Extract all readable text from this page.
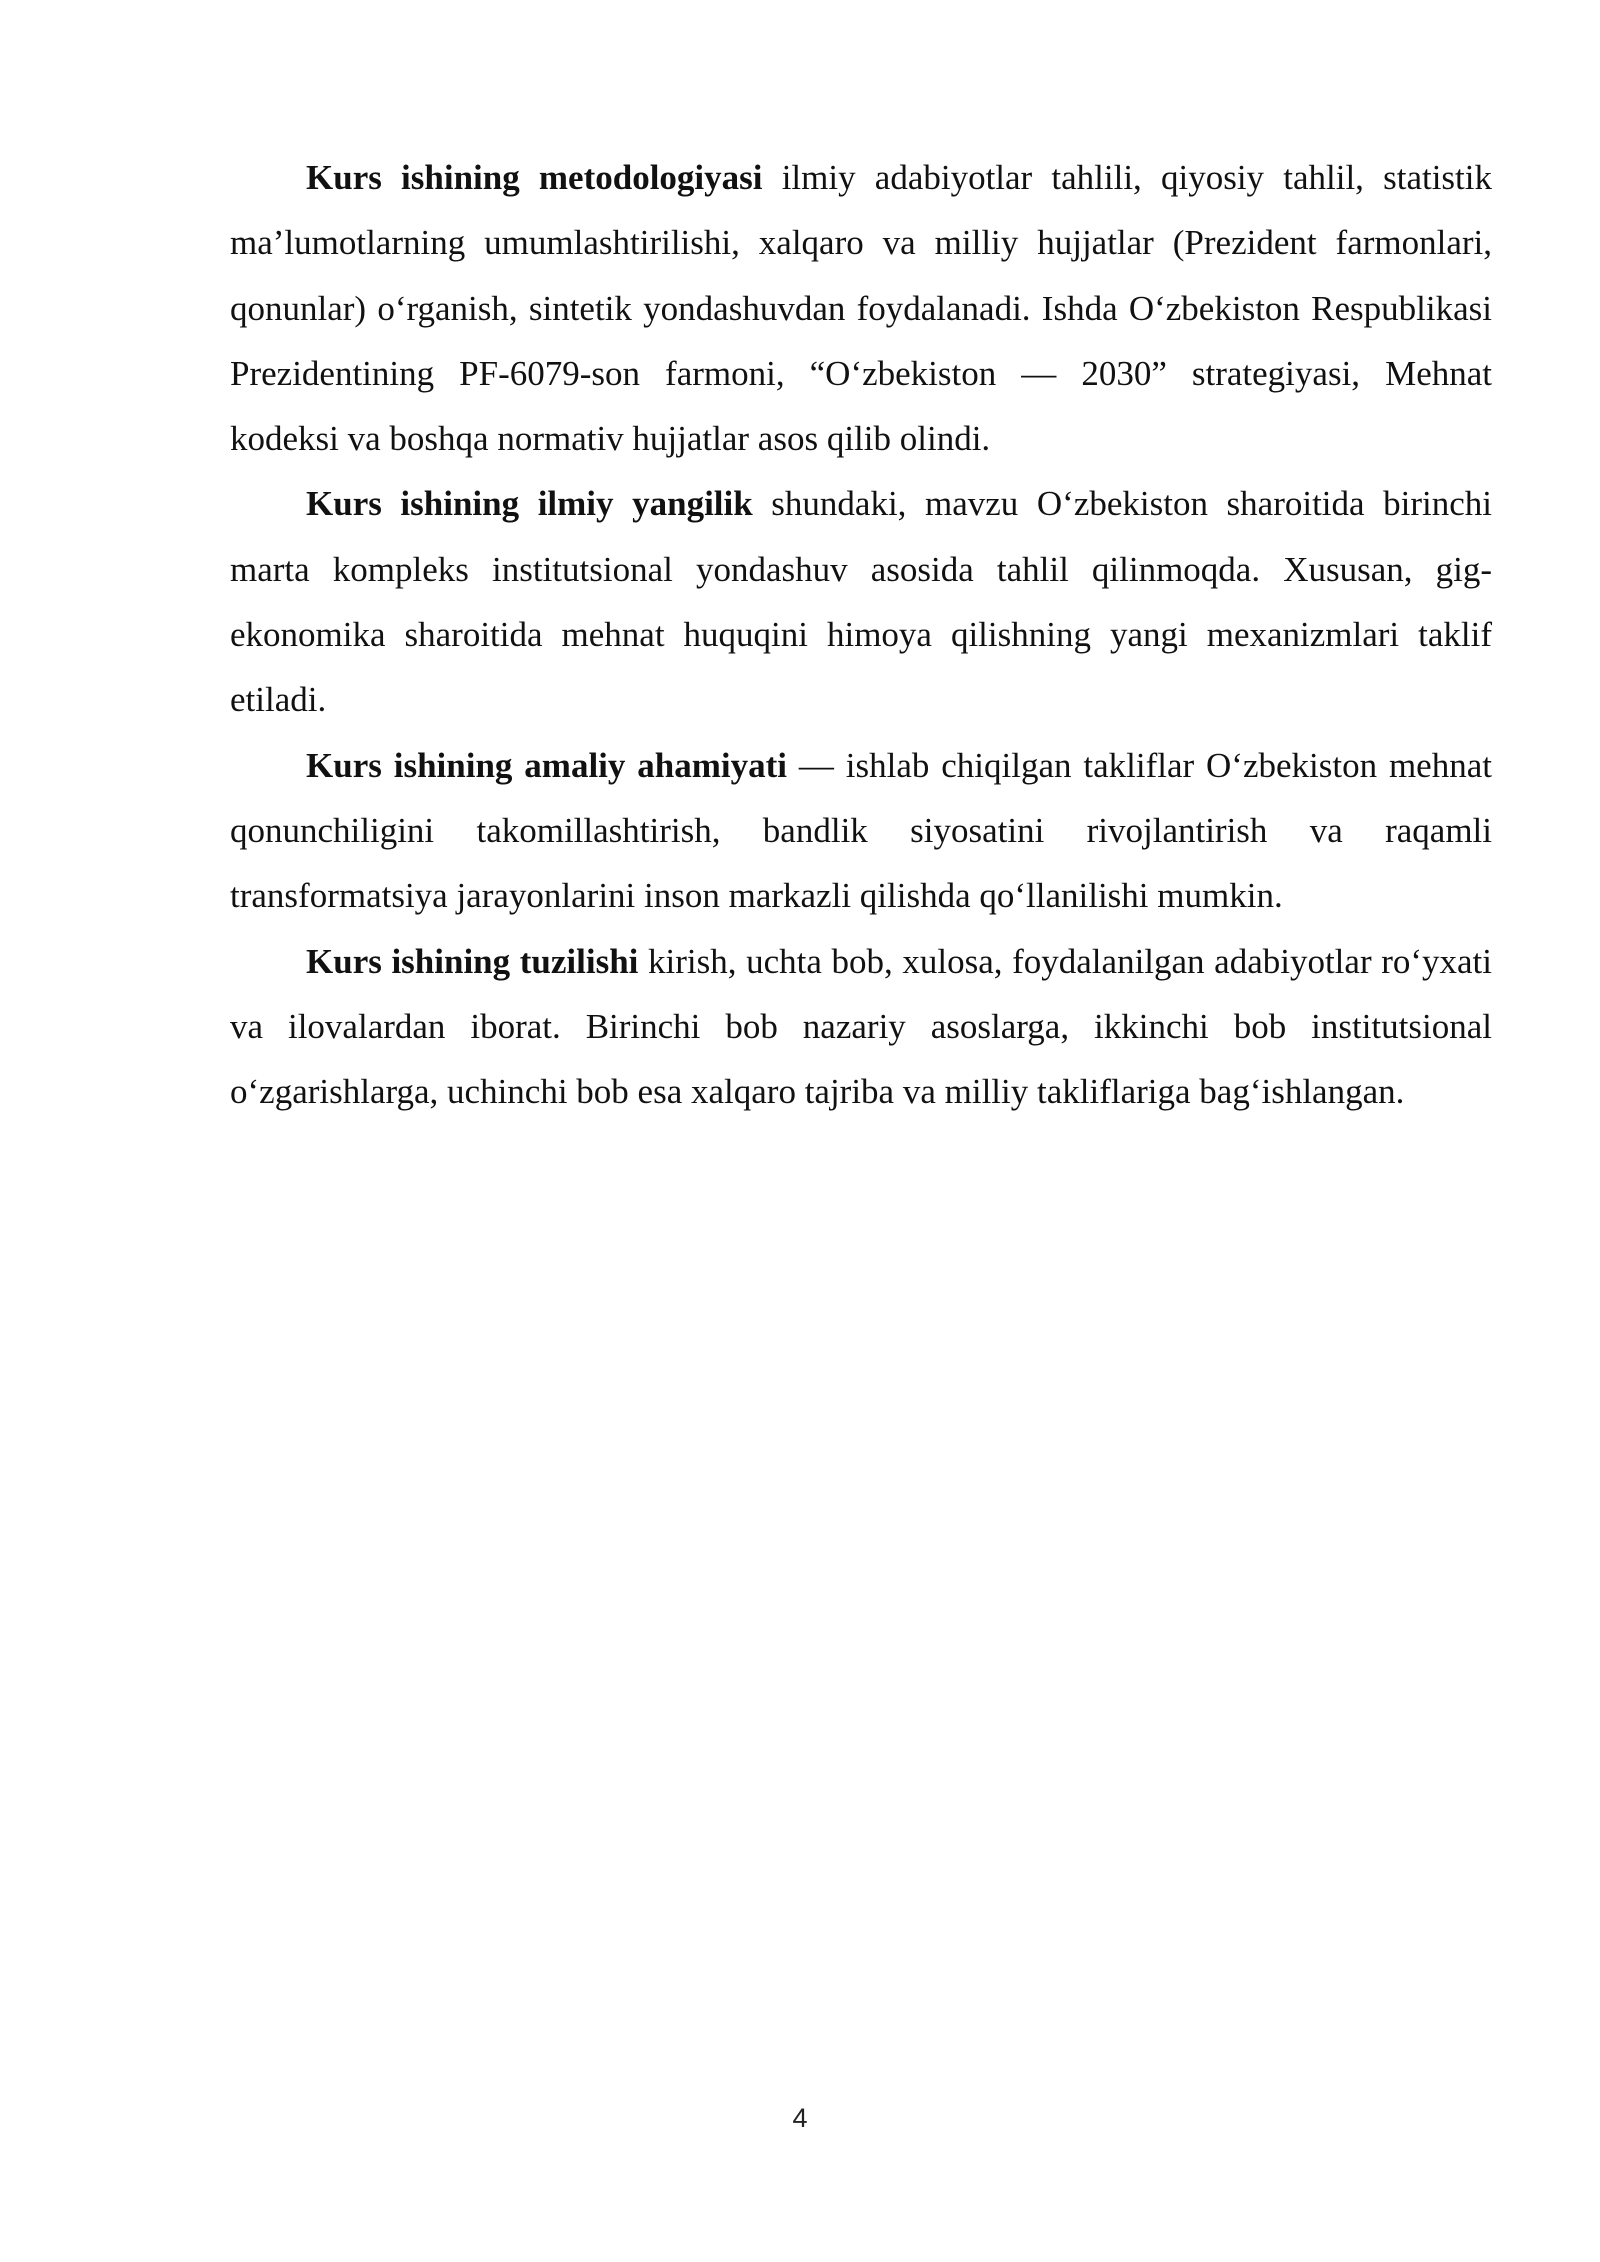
Kurs ishining metodologiyasi ilmiy adabiyotlar tahlili, qiyosiy tahlil, statistik ma’lumotlarning umumlashtirilishi, xalqaro va milliy hujjatlar (Prezident farmonlari, qonunlar) o‘rganish, sintetik yondashuvdan foydalanadi. Ishda O‘zbekiston Respublikasi Prezidentining PF-6079-son farmoni, “O‘zbekiston — 2030” strategiyasi, Mehnat kodeksi va boshqa normativ hujjatlar asos qilib olindi.

Kurs ishining ilmiy yangilik shundaki, mavzu O‘zbekiston sharoitida birinchi marta kompleks institutsional yondashuv asosida tahlil qilinmoqda. Xususan, gig-ekonomika sharoitida mehnat huquqini himoya qilishning yangi mexanizmlari taklif etiladi.

Kurs ishining amaliy ahamiyati — ishlab chiqilgan takliflar O‘zbekiston mehnat qonunchiligini takomillashtirish, bandlik siyosatini rivojlantirish va raqamli transformatsiya jarayonlarini inson markazli qilishda qo‘llanilishi mumkin.

Kurs ishining tuzilishi kirish, uchta bob, xulosa, foydalanilgan adabiyotlar ro‘yxati va ilovalardan iborat. Birinchi bob nazariy asoslarga, ikkinchi bob institutsional o‘zgarishlarga, uchinchi bob esa xalqaro tajriba va milliy takliflariga bag‘ishlangan.

4
